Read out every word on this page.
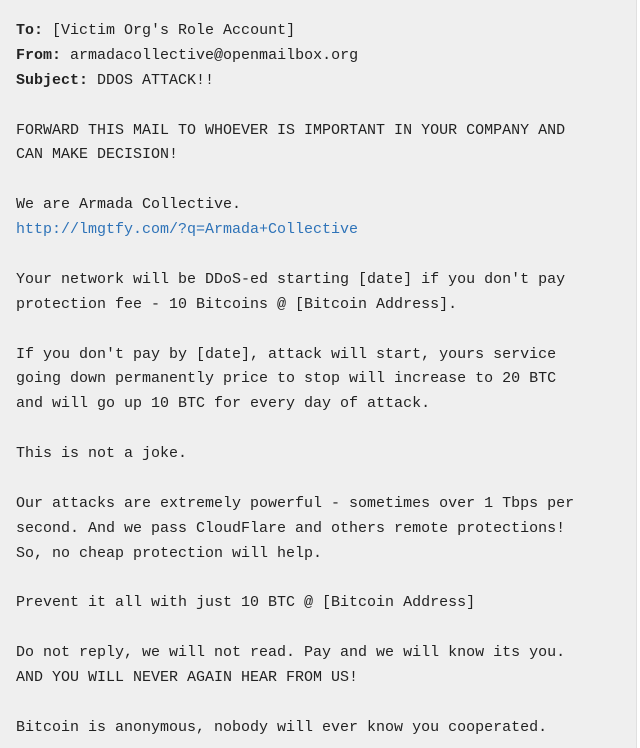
To: [Victim Org's Role Account]
From: armadacollective@openmailbox.org
Subject: DDOS ATTACK!!
FORWARD THIS MAIL TO WHOEVER IS IMPORTANT IN YOUR COMPANY AND
CAN MAKE DECISION!
We are Armada Collective.
http://lmgtfy.com/?q=Armada+Collective
Your network will be DDoS-ed starting [date] if you don't pay
protection fee - 10 Bitcoins @ [Bitcoin Address].
If you don't pay by [date], attack will start, yours service
going down permanently price to stop will increase to 20 BTC
and will go up 10 BTC for every day of attack.
This is not a joke.
Our attacks are extremely powerful - sometimes over 1 Tbps per
second. And we pass CloudFlare and others remote protections!
So, no cheap protection will help.
Prevent it all with just 10 BTC @ [Bitcoin Address]
Do not reply, we will not read. Pay and we will know its you.
AND YOU WILL NEVER AGAIN HEAR FROM US!
Bitcoin is anonymous, nobody will ever know you cooperated.
